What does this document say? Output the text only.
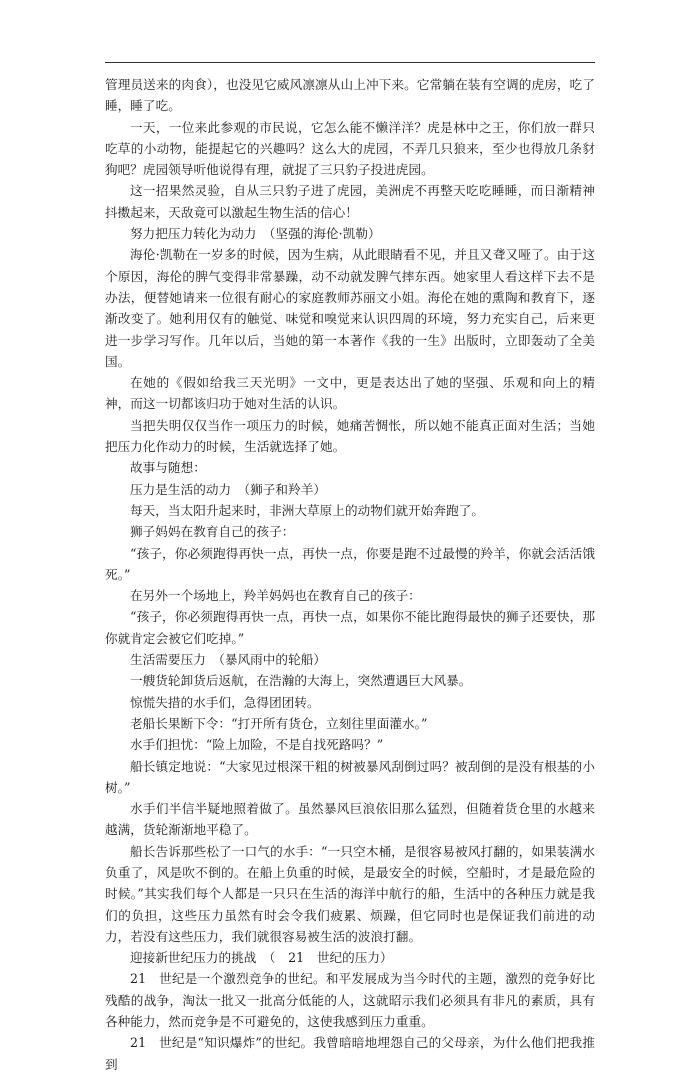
管理员送来的肉食），也没见它威风凛凛从山上冲下来。它常躺在装有空调的虎房，吃了睡，睡了吃。

一天，一位来此参观的市民说，它怎么能不懒洋洋？虎是林中之王，你们放一群只吃草的小动物，能提起它的兴趣吗？这么大的虎园，不弄几只狼来，至少也得放几条豺狗吧？虎园领导听他说得有理，就捉了三只豹子投进虎园。

这一招果然灵验，自从三只豹子进了虎园，美洲虎不再整天吃吃睡睡，而日渐精神抖擞起来，天敌竟可以激起生物生活的信心！

努力把压力转化为动力　（坚强的海伦·凯勒）

海伦·凯勒在一岁多的时候，因为生病，从此眼睛看不见，并且又聋又哑了。由于这个原因，海伦的脾气变得非常暴躁，动不动就发脾气摔东西。她家里人看这样下去不是办法，便替她请来一位很有耐心的家庭教师苏丽文小姐。海伦在她的熏陶和教育下，逐渐改变了。她利用仅有的触觉、味觉和嗅觉来认识四周的环境，努力充实自己，后来更进一步学习写作。几年以后，当她的第一本著作《我的一生》出版时，立即轰动了全美国。

在她的《假如给我三天光明》一文中，更是表达出了她的坚强、乐观和向上的精神，而这一切都该归功于她对生活的认识。

当把失明仅仅当作一项压力的时候，她痛苦惆怅，所以她不能真正面对生活；当她把压力化作动力的时候，生活就选择了她。

故事与随想：

压力是生活的动力　（狮子和羚羊）

每天，当太阳升起来时，非洲大草原上的动物们就开始奔跑了。

狮子妈妈在教育自己的孩子：

“孩子，你必须跑得再快一点，再快一点，你要是跑不过最慢的羚羊，你就会活活饿死。”

在另外一个场地上，羚羊妈妈也在教育自己的孩子：

“孩子，你必须跑得再快一点，再快一点，如果你不能比跑得最快的狮子还要快，那你就肯定会被它们吃掉。”

生活需要压力　（暴风雨中的轮船）

一艘货轮卸货后返航，在浩瀚的大海上，突然遭遇巨大风暴。

惊慌失措的水手们，急得团团转。

老船长果断下令：“打开所有货仓，立刻往里面灌水。”

水手们担忧：“险上加险，不是自找死路吗？”

船长镇定地说：“大家见过根深干粗的树被暴风刮倒过吗？被刮倒的是没有根基的小树。”

水手们半信半疑地照着做了。虽然暴风巨浪依旧那么猛烈，但随着货仓里的水越来越满，货轮渐渐地平稳了。

船长告诉那些松了一口气的水手：“一只空木桶，是很容易被风打翻的，如果装满水负重了，风是吹不倒的。在船上负重的时候，是最安全的时候，空船时，才是最危险的时候。”其实我们每个人都是一只只在生活的海洋中航行的船，生活中的各种压力就是我们的负担，这些压力虽然有时会令我们疲累、烦躁，但它同时也是保证我们前进的动力，若没有这些压力，我们就很容易被生活的波浪打翻。

迎接新世纪压力的挑战　（　21　世纪的压力）

21　世纪是一个激烈竞争的世纪。和平发展成为当今时代的主题，激烈的竞争好比残酷的战争，淘汰一批又一批高分低能的人，这就昭示我们必须具有非凡的素质，具有各种能力，然而竞争是不可避免的，这使我感到压力重重。

21　世纪是“知识爆炸”的世纪。我曾暗暗地埋怨自己的父母亲，为什么他们把我推到
